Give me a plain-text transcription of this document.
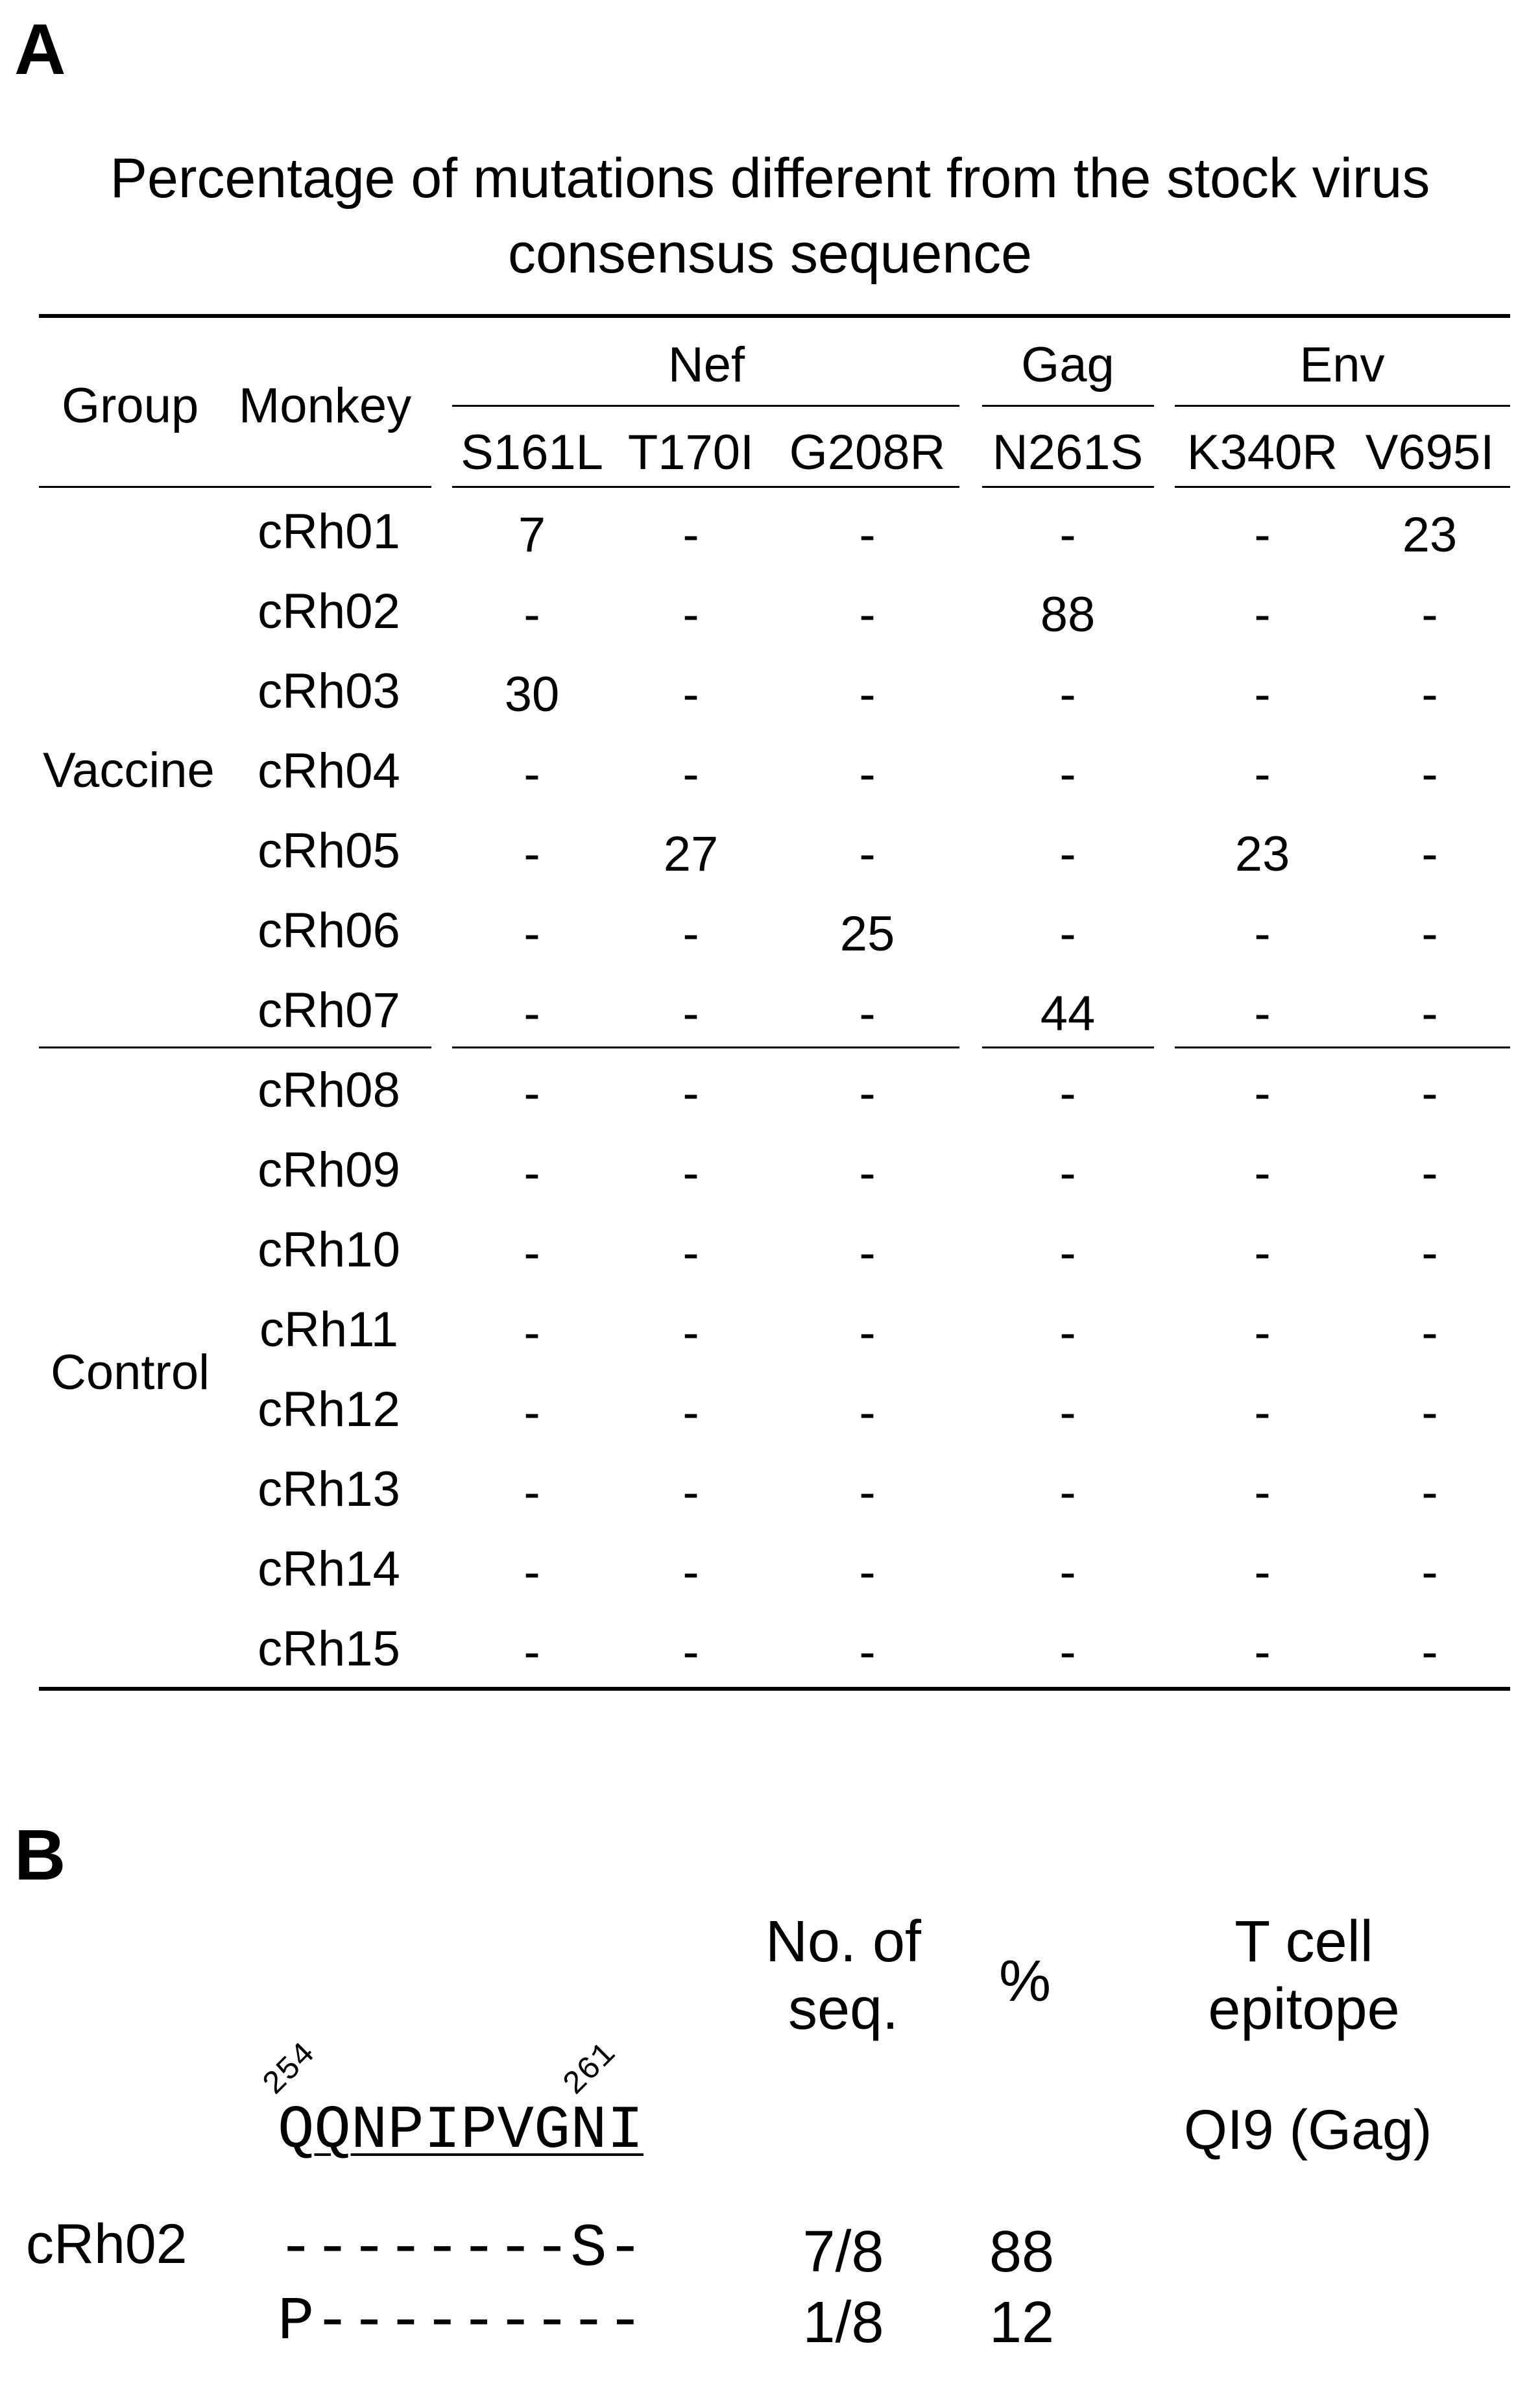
A
Percentage of mutations different from the stock virus
consensus sequence
Group Monkey
Nef	Gag	Env
S161L T170I G208R N261S K340R V695I
Vaccine
Control
cRh01 7	-	-	-	-	23
cRh02	-	-	-	88	-	-
cRh03 30	-	-	-	-	-
cRh04	-	-	-	-	-	-
cRh05	-	27	-	-	23	-
cRh06	-	-	25	-	-	-
cRh07	-	-	-	44	-	-
cRh08	-	-	-	-	-	-
cRh09	-	-	-	-	-	-
cRh10	-	-	-	-	-	-
cRh11	-	-	-	-	-	-
cRh12	-	-	-	-	-	-
cRh13	-	-	-	-	-	-
cRh14	-	-	-	-	-	-
cRh15	-	-	-	-	-	-
B
No. of
seq.	%
T cell
epitope
254	261
QQNPIPVGNI	QI9 (Gag)
cRh02 --------S-	7/8 88
P---------	1/8 12
